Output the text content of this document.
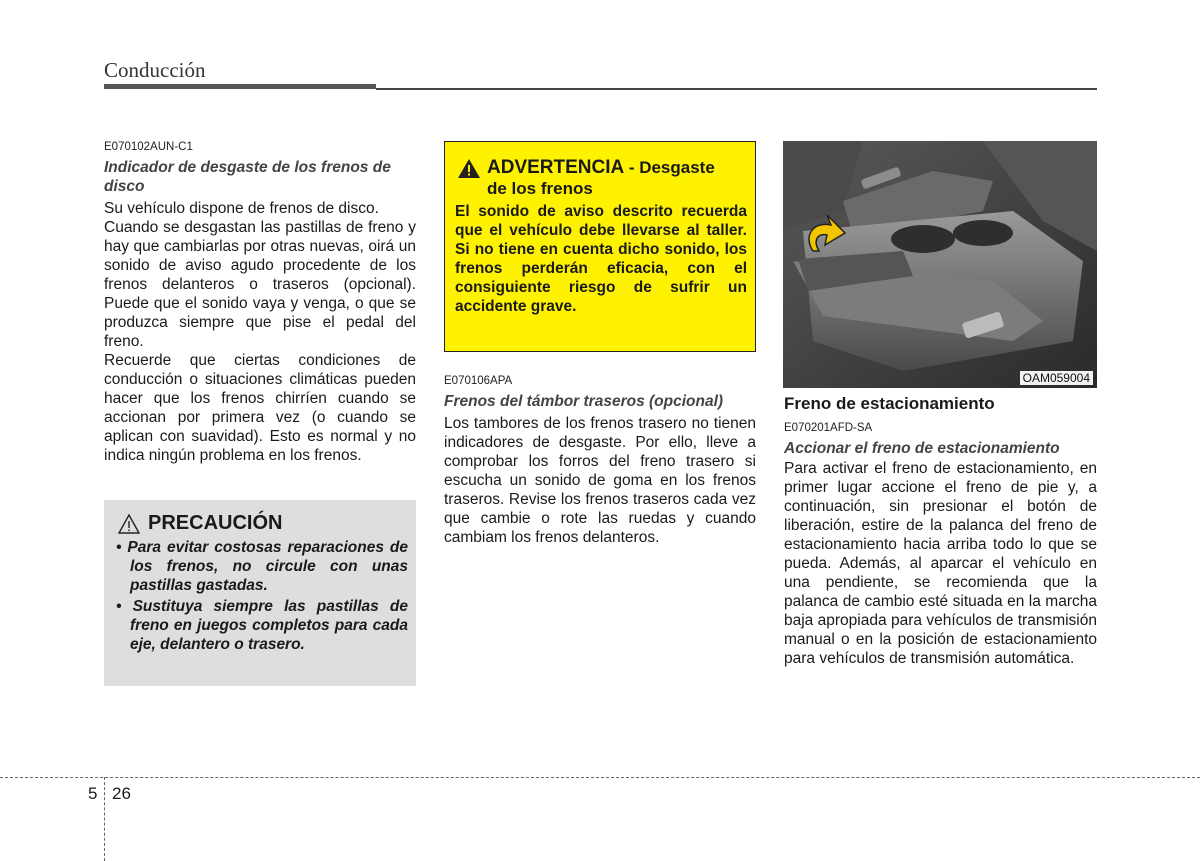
Conducción

E070102AUN-C1

Indicador de desgaste de los frenos de disco

Su vehículo dispone de frenos de disco.

Cuando se desgastan las pastillas de freno y hay que cambiarlas por otras nuevas, oirá un sonido de aviso agudo procedente de los frenos delanteros o traseros (opcional). Puede que el sonido vaya y venga, o que se produzca siempre que pise el pedal del freno.

Recuerde que ciertas condiciones de conducción o situaciones climáticas pueden hacer que los frenos chirríen cuando se accionan por primera vez (o cuando se aplican con suavidad). Esto es normal y no indica ningún problema en los frenos.

PRECAUCIÓN
• Para evitar costosas reparaciones de los frenos, no circule con unas pastillas gastadas.
• Sustituya siempre las pastillas de freno en juegos completos para cada eje, delantero o trasero.
ADVERTENCIA - Desgaste
de los frenos

El sonido de aviso descrito recuerda que el vehículo debe llevarse al taller. Si no tiene en cuenta dicho sonido, los frenos perderán eficacia, con el consiguiente riesgo de sufrir un accidente grave.

E070106APA

Frenos del támbor traseros (opcional)

Los tambores de los frenos trasero no tienen indicadores de desgaste. Por ello, lleve a comprobar los forros del freno trasero si escucha un sonido de goma en los frenos traseros. Revise los frenos traseros cada vez que cambie o rote las ruedas y cuando cambiam los frenos delanteros.

OAM059004

Freno de estacionamiento

E070201AFD-SA

Accionar el freno de estacionamiento

Para activar el freno de estacionamiento, en primer lugar accione el freno de pie y, a continuación, sin presionar el botón de liberación, estire de la palanca del freno de estacionamiento hacia arriba todo lo que se pueda. Además, al aparcar el vehículo en una pendiente, se recomienda que la palanca de cambio esté situada en la marcha baja apropiada para vehículos de transmisión manual o en la posición de estacionamiento para vehículos de transmisión automática.

5 26
